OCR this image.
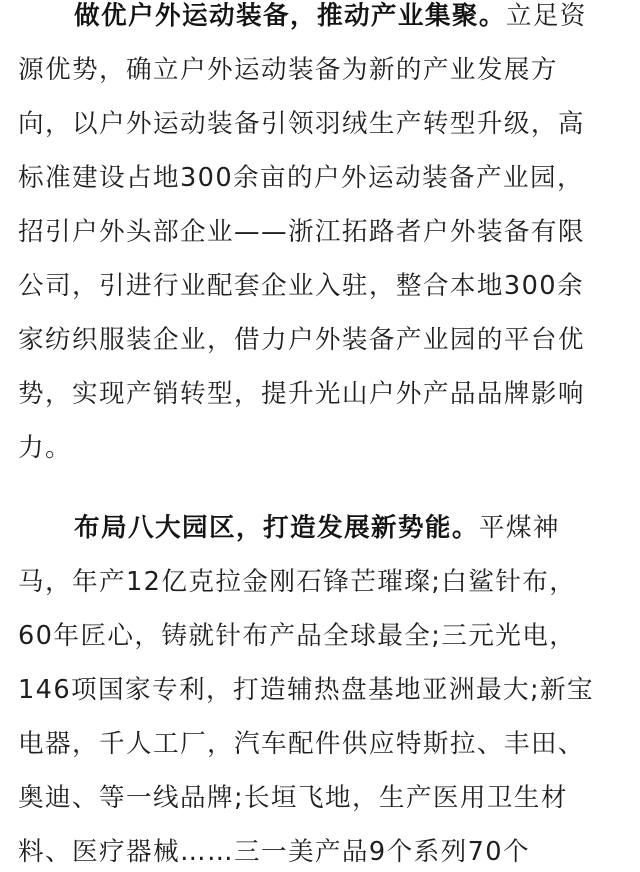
做优户外运动装备，推动产业集聚。立足资
源优势，确立户外运动装备为新的产业发展方
向，以户外运动装备引领羽绒生产转型升级，高
标准建设占地300余亩的户外运动装备产业园，
招引户外头部企业——浙江拓路者户外装备有限
公司，引进行业配套企业入驻，整合本地300余
家纺织服装企业，借力户外装备产业园的平台优
势，实现产销转型，提升光山户外产品品牌影响
力。
布局八大园区，打造发展新势能。平煤神
马，年产12亿克拉金刚石锋芒璀璨;白鲨针布，
60年匠心，铸就针布产品全球最全;三元光电，
146项国家专利，打造辅热盘基地亚洲最大;新宝
电器，千人工厂，汽车配件供应特斯拉、丰田、
奥迪、等一线品牌;长垣飞地，生产医用卫生材
料、医疗器械……三一美产品9个系列70个
